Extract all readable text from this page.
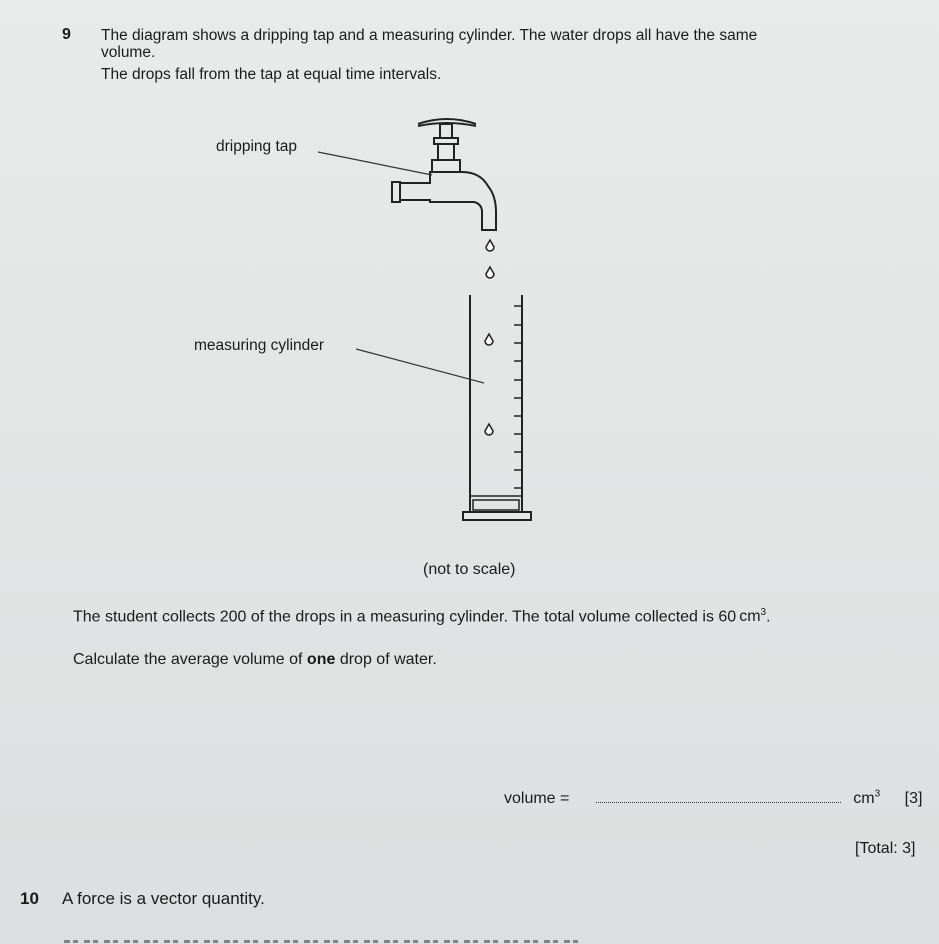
9 The diagram shows a dripping tap and a measuring cylinder. The water drops all have the same
volume.
The drops fall from the tap at equal time intervals.
dripping tap
measuring cylinder
(not to scale)
The student collects 200 of the drops in a measuring cylinder. The total volume collected is 60 $cm^3$.
Calculate the average volume of one drop of water.
volume =	$cm^3$ [3]
[Total: 3]
10 A force is a vector quantity.
